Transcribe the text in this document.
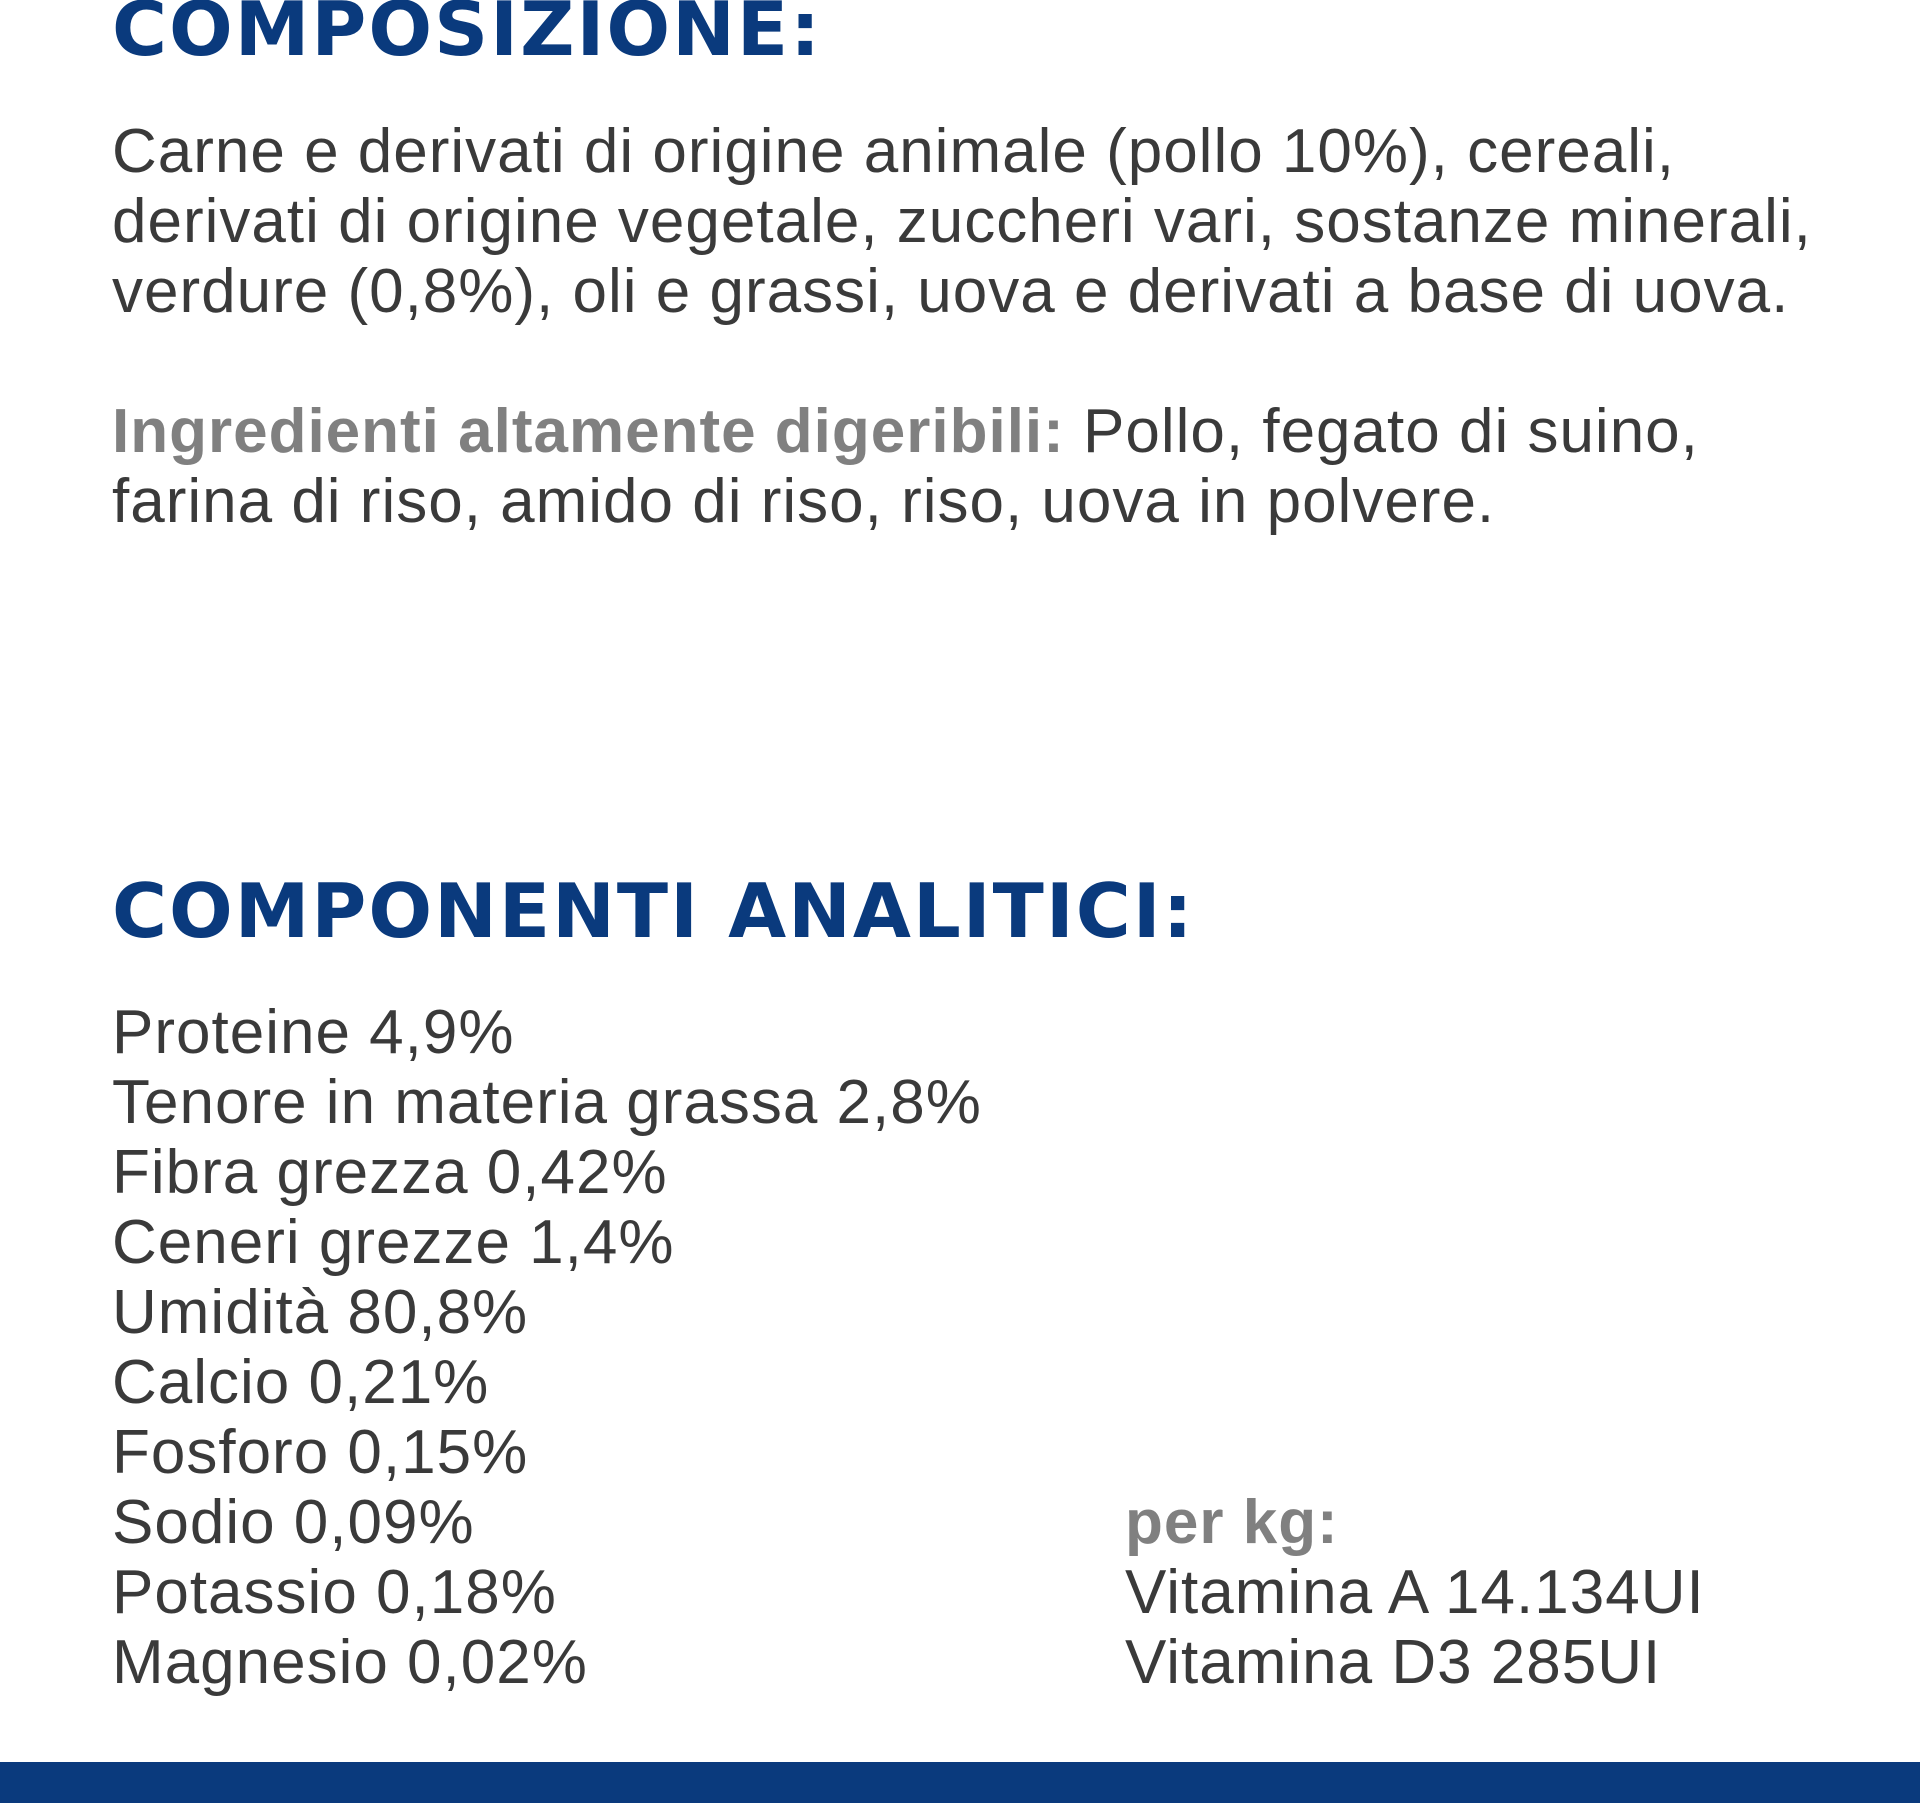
COMPOSIZIONE:

Carne e derivati di origine animale (pollo 10%), cereali, derivati di origine vegetale, zuccheri vari, sostanze minerali, verdure (0,8%), oli e grassi, uova e derivati a base di uova.

Ingredienti altamente digeribili: Pollo, fegato di suino, farina di riso, amido di riso, riso, uova in polvere.

COMPONENTI ANALITICI:
Proteine 4,9%
Tenore in materia grassa 2,8%
Fibra grezza 0,42%
Ceneri grezze 1,4%
Umidità 80,8%
Calcio 0,21%
Fosforo 0,15%
Sodio 0,09%
Potassio 0,18%
Magnesio 0,02%

per kg:

Vitamina A 14.134UI
Vitamina D3 285UI
